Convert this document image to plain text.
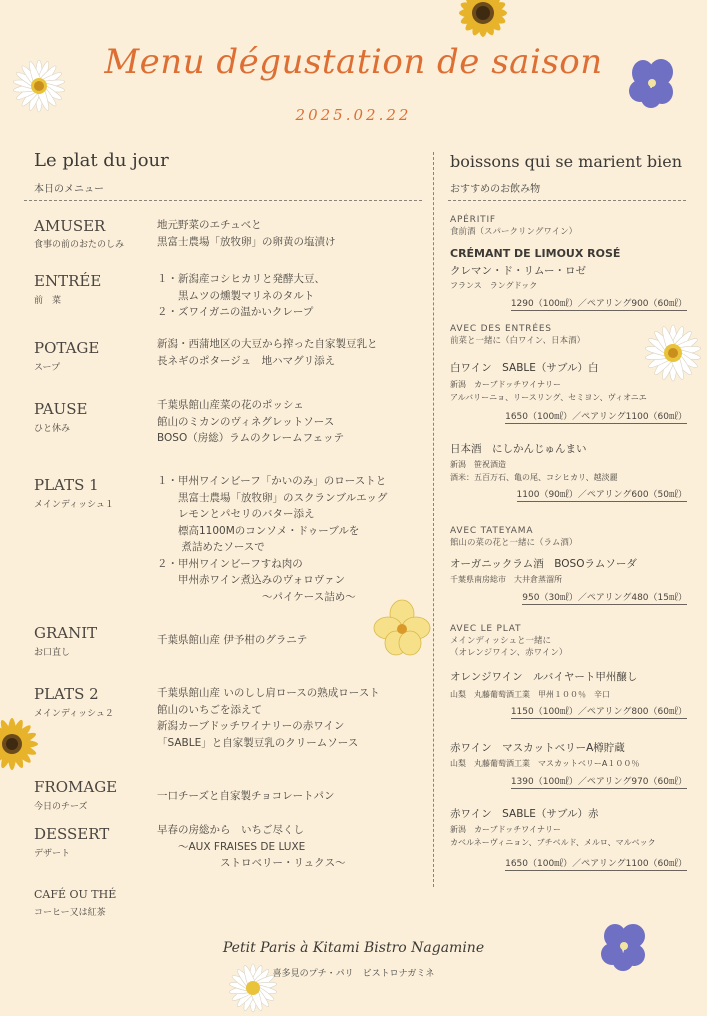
Menu dégustation de saison
2025.02.22
Le plat du jour
本日のメニュー
boissons qui se marient bien
おすすめのお飲み物
AMUSER
食事の前のおたのしみ
地元野菜のエチュベと
黒富士農場「放牧卵」の卵黄の塩漬け
ENTRÉE
前　菜
１・新潟産コシヒカリと発酵大豆、
　　黒ムツの燻製マリネのタルト
２・ズワイガニの温かいクレープ
POTAGE
スープ
新潟・西蒲地区の大豆から搾った自家製豆乳と
長ネギのポタージュ　地ハマグリ添え
PAUSE
ひと休み
千葉県館山産菜の花のポッシェ
館山のミカンのヴィネグレットソース
BOSO（房総）ラムのクレームフェッテ
PLATS 1
メインディッシュ１
１・甲州ワインビーフ「かいのみ」のローストと
　　黒富士農場「放牧卵」のスクランブルエッグ
　　レモンとパセリのバター添え
　　標高1100Mのコンソメ・ドゥーブルを
　　 煮詰めたソースで
２・甲州ワインビーフすね肉の
　　甲州赤ワイン煮込みのヴォロヴァン
　　　　　　　　　　～パイケース詰め～
GRANIT
お口直し
千葉県館山産 伊予柑のグラニテ
PLATS 2
メインディッシュ２
千葉県館山産 いのしし肩ロースの熟成ロースト
館山のいちごを添えて
新潟カーブドッチワイナリーの赤ワイン
「SABLE」と自家製豆乳のクリームソース
FROMAGE
今日のチーズ
一口チーズと自家製チョコレートパン
DESSERT
デザート
早春の房総から　いちご尽くし
　　～AUX FRAISES DE LUXE
　　　　　　ストロベリー・リュクス～
CAFÉ OU THÉ
コーヒー又は紅茶
APÉRITIF
食前酒（スパークリングワイン）
CRÉMANT DE LIMOUX ROSÉ
クレマン・ド・リムー・ロゼ
フランス　ラングドック
1290（100㎖）／ペアリング900（60㎖）
AVEC DES ENTRÉES
前菜と一緒に（白ワイン、日本酒）
白ワイン　SABLE（サブル）白
新潟　カーブドッチワイナリー
アルバリーニョ、リースリング、セミヨン、ヴィオニエ
1650（100㎖）／ペアリング1100（60㎖）
日本酒　にしかんじゅんまい
新潟　笹祝酒造
酒米：五百万石、亀の尾、コシヒカリ、越淡麗
1100（90㎖）／ペアリング600（50㎖）
AVEC TATEYAMA
館山の菜の花と一緒に（ラム酒）
オーガニックラム酒　BOSOラムソーダ
千葉県南房総市　大井倉蒸溜所
950（30㎖）／ペアリング480（15㎖）
AVEC LE PLAT
メインディッシュと一緒に
（オレンジワイン、赤ワイン）
オレンジワイン　ルバイヤート甲州醸し
山梨　丸藤葡萄酒工業　甲州１００％　辛口
1150（100㎖）／ペアリング800（60㎖）
赤ワイン　マスカットベリーA樽貯蔵
山梨　丸藤葡萄酒工業　マスカットベリーA１００％
1390（100㎖）／ペアリング970（60㎖）
赤ワイン　SABLE（サブル）赤
新潟　カーブドッチワイナリー
カベルネーヴィニョン、ブチベルド、メルロ、マルベック
1650（100㎖）／ペアリング1100（60㎖）
Petit Paris à Kitami Bistro Nagamine
喜多見のプチ・パリ　ビストロナガミネ
